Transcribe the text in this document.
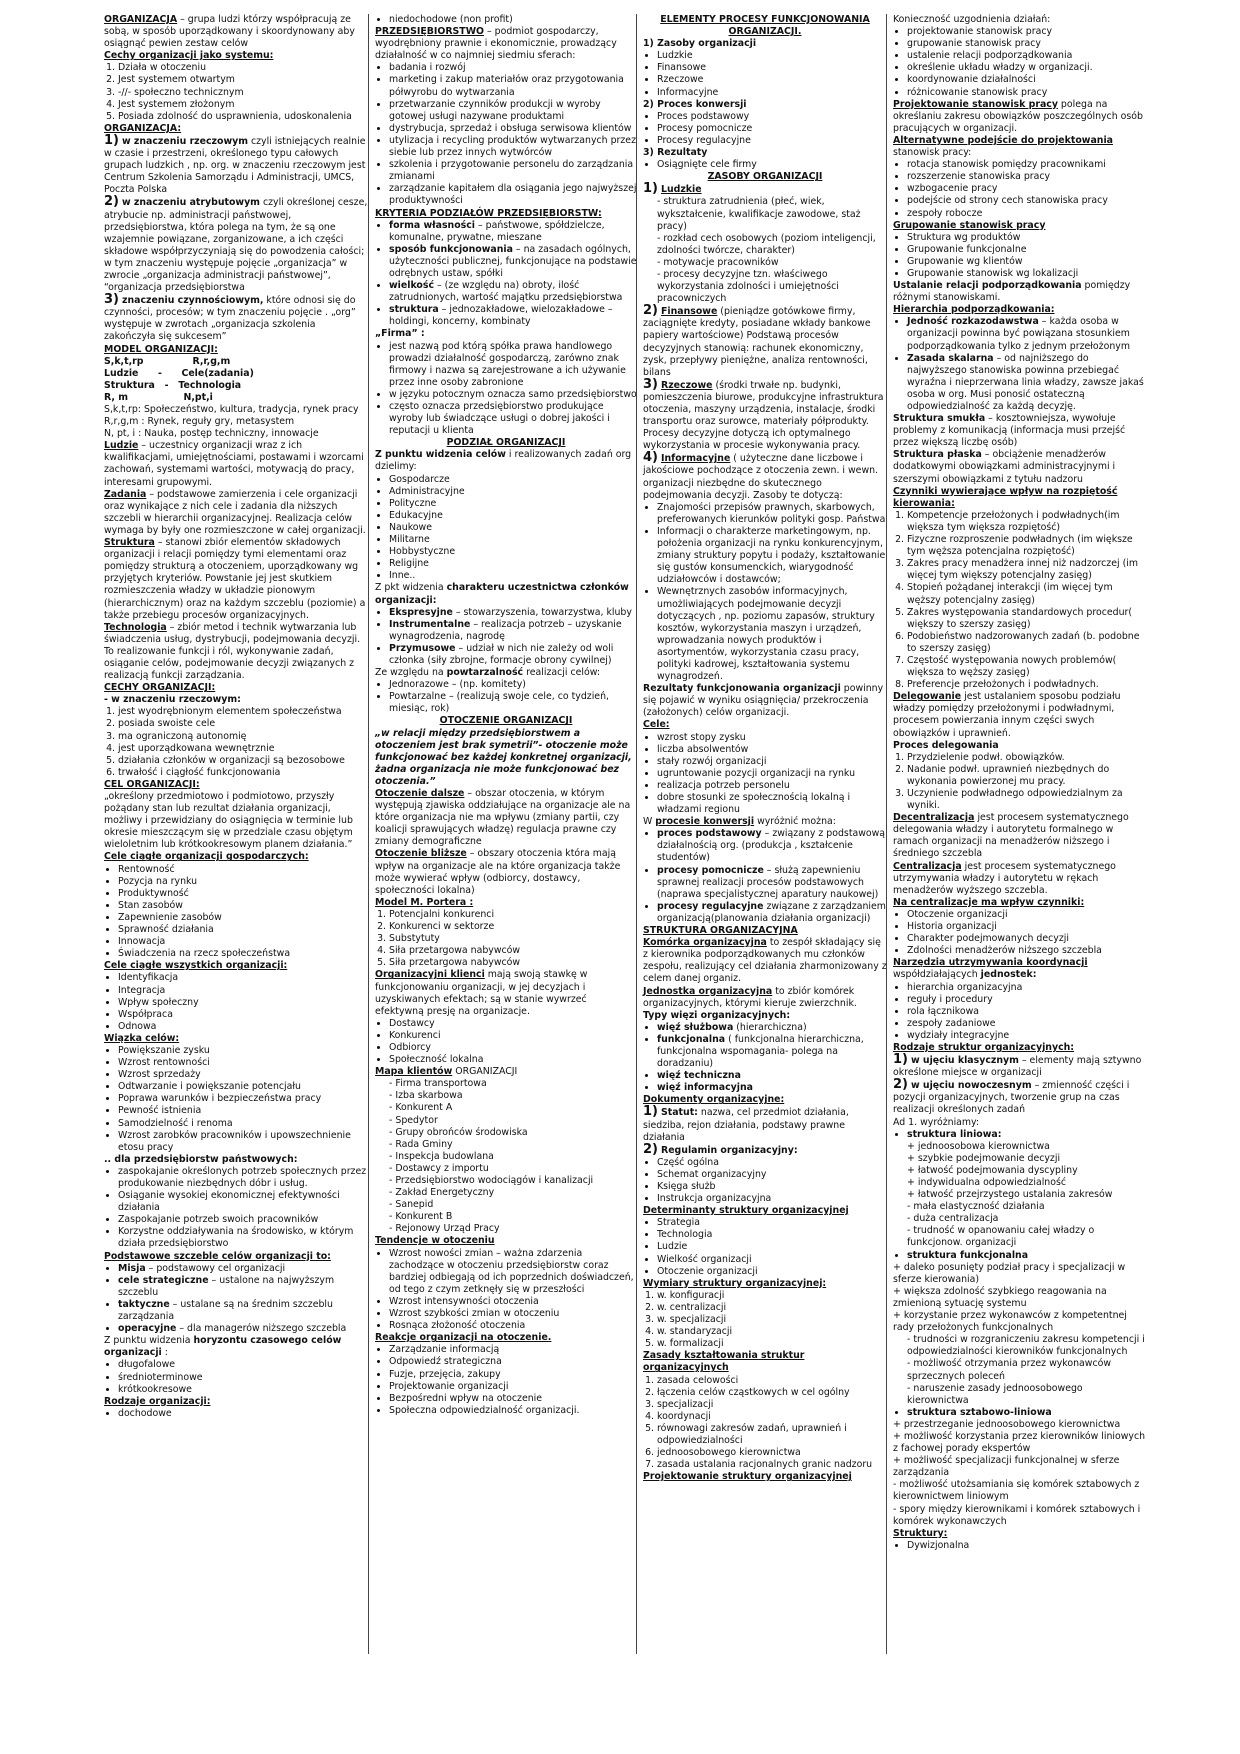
ORGANIZACJA – grupa ludzi którzy współpracują ze sobą, w sposób uporządkowany i skoordynowany aby osiągnąć pewien zestaw celów
Cechy organizacji jako systemu:
1. Działa w otoczeniu
2. Jest systemem otwartym
3. -//- społeczno technicznym
4. Jest systemem złożonym
5. Posiada zdolność do usprawnienia, udoskonalenia
ORGANIZACJA:
1) w znaczeniu rzeczowym czyli istniejących realnie w czasie i przestrzeni, określonego typu całowych grupach ludzkich , np. org. w znaczeniu rzeczowym jest Centrum Szkolenia Samorządu i Administracji, UMCS, Poczta Polska
2) w znaczeniu atrybutowym czyli określonej cesze, atrybucie np. administracji państwowej, przedsiębiorstwa, która polega na tym, że są one wzajemnie powiązane, zorganizowane, a ich części składowe współprzyczyniają się do powodzenia całości; w tym znaczeniu występuje pojęcie „organizacja” w zwrocie „organizacja administracji państwowej”, “organizacja przedsiębiorstwa
3) znaczeniu czynnościowym, które odnosi się do czynności, procesów; w tym znaczeniu pojęcie . „org” występuje w zwrotach „organizacja szkolenia zakończyła się sukcesem”
MODEL ORGANIZACJI:
S,k,t,rp               R,r,g,m
Ludzie      -      Cele(zadania)
Struktura   -   Technologia
R, m                 N,pt,i
S,k,t,rp: Społeczeństwo, kultura, tradycja, rynek pracy
R,r,g,m : Rynek, reguły gry, metasystem
N, pt, i : Nauka, postęp techniczny, innowacje
Ludzie – uczestnicy organizacji wraz z ich kwalifikacjami, umiejętnościami, postawami i wzorcami zachowań, systemami wartości, motywacją do pracy, interesami grupowymi.
Zadania – podstawowe zamierzenia i cele organizacji oraz wynikające z nich cele i zadania dla niższych szczebli w hierarchii organizacyjnej. Realizacja celów wymaga by były one rozmieszczone w całej organizacji.
Struktura – stanowi zbiór elementów składowych organizacji i relacji pomiędzy tymi elementami oraz pomiędzy strukturą a otoczeniem, uporządkowany wg przyjętych kryteriów. Powstanie jej jest skutkiem rozmieszczenia władzy w układzie pionowym (hierarchicznym) oraz na każdym szczeblu (poziomie) a także przebiegu procesów organizacyjnych.
Technologia – zbiór metod i technik wytwarzania lub świadczenia usług, dystrybucji, podejmowania decyzji.
To realizowanie funkcji i ról, wykonywanie zadań, osiąganie celów, podejmowanie decyzji związanych z realizacją funkcji zarządzania.
CECHY ORGANIZACJI:
- w znaczeniu rzeczowym:
1. jest wyodrębnionym elementem społeczeństwa
2. posiada swoiste cele
3. ma ograniczoną autonomię
4. jest uporządkowana wewnętrznie
5. działania członków w organizacji są bezosobowe
6. trwałość i ciągłość funkcjonowania
CEL ORGANIZACJI:
„określony przedmiotowo i podmiotowo, przyszły pożądany stan lub rezultat działania organizacji, możliwy i przewidziany do osiągnięcia w terminie lub okresie mieszczącym się w przedziale czasu objętym wieloletnim lub krótkookresowym planem działania.”
Cele ciągłe organizacji gospodarczych:
• Rentowność
• Pozycja na rynku
• Produktywność
• Stan zasobów
• Zapewnienie zasobów
• Sprawność działania
• Innowacja
• Świadczenia na rzecz społeczeństwa
Cele ciągłe wszystkich organizacji:
• Identyfikacja
• Integracja
• Wpływ społeczny
• Współpraca
• Odnowa
Wiązka celów:
• Powiększanie zysku
• Wzrost rentowności
• Wzrost sprzedaży
• Odtwarzanie i powiększanie potencjału
• Poprawa warunków i bezpieczeństwa pracy
• Pewność istnienia
• Samodzielność i renoma
• Wzrost zarobków pracowników i upowszechnienie etosu pracy
.. dla przedsiębiorstw państwowych:
• zaspokajanie określonych potrzeb społecznych przez produkowanie niezbędnych dóbr i usług.
• Osiąganie wysokiej ekonomicznej efektywności działania
• Zaspokajanie potrzeb swoich pracowników
• Korzystne oddziaływania na środowisko, w którym działa przedsiębiorstwo
Podstawowe szczeble celów organizacji to:
• Misja – podstawowy cel organizacji
• cele strategiczne – ustalone na najwyższym szczeblu
• taktyczne – ustalane są na średnim szczeblu zarządzania
• operacyjne – dla managerów niższego szczebla
Z punktu widzenia horyzontu czasowego celów organizacji :
• długofalowe
• średnioterminowe
• krótkookresowe
Rodzaje organizacji:
• dochodowe
• niedochodowe (non profit)
PRZEDSIĘBIORSTWO – podmiot gospodarczy, wyodrębniony prawnie i ekonomicznie, prowadzący działalność w co najmniej siedmiu sferach:
• badania i rozwój
• marketing i zakup materiałów oraz przygotowania półwyrobu do wytwarzania
• przetwarzanie czynników produkcji w wyroby gotowej usługi nazywane produktami
• dystrybucja, sprzedaż i obsługa serwisowa klientów
• utylizacja i recycling produktów wytwarzanych przez siebie lub przez innych wytwórców
• szkolenia i przygotowanie personelu do zarządzania zmianami
• zarządzanie kapitałem dla osiągania jego najwyższej produktywności
KRYTERIA PODZIAŁÓW PRZEDSIĘBIORSTW:
• forma własności – państwowe, spółdzielcze, komunalne, prywatne, mieszane
• sposób funkcjonowania – na zasadach ogólnych, użyteczności publicznej, funkcjonujące na podstawie odrębnych ustaw, spółki
• wielkość – (ze względu na) obroty, ilość zatrudnionych, wartość majątku przedsiębiorstwa
• struktura – jednozakładowe, wielozakładowe – holdingi, koncerny, kombinaty
„Firma” :
• jest nazwą pod którą spółka prawa handlowego prowadzi działalność gospodarczą, zarówno znak firmowy i nazwa są zarejestrowane a ich używanie przez inne osoby zabronione
• w języku potocznym oznacza samo przedsiębiorstwo
• często oznacza przedsiębiorstwo produkujące wyroby lub świadczące usługi o dobrej jakości i reputacji u klienta
PODZIAŁ ORGANIZACJI
Z punktu widzenia celów i realizowanych zadań org dzielimy:
• Gospodarcze
• Administracyjne
• Polityczne
• Edukacyjne
• Naukowe
• Militarne
• Hobbystyczne
• Religijne
• Inne..
Z pkt widzenia charakteru uczestnictwa członków organizacji:
• Ekspresyjne – stowarzyszenia, towarzystwa, kluby
• Instrumentalne – realizacja potrzeb – uzyskanie wynagrodzenia, nagrodę
• Przymusowe – udział w nich nie zależy od woli członka (siły zbrojne, formacje obrony cywilnej)
Ze względu na powtarzalność realizacji celów:
• Jednorazowe – (np. komitety)
• Powtarzalne – (realizują swoje cele, co tydzień, miesiąc, rok)
OTOCZENIE ORGANIZACJI
„w relacji między przedsiębiorstwem a otoczeniem jest brak symetrii”- otoczenie może funkcjonować bez każdej konkretnej organizacji, żadna organizacja nie może funkcjonować bez otoczenia.”
Otoczenie dalsze – obszar otoczenia, w którym występują zjawiska oddziałujące na organizacje ale na które organizacja nie ma wpływu (zmiany partii, czy koalicji sprawujących władzę) regulacja prawne czy zmiany demograficzne
Otoczenie bliższe – obszary otoczenia która mają wpływ na organizacje ale na które organizacja także może wywierać wpływ (odbiorcy, dostawcy, społeczności lokalna)
Model M. Portera :
1. Potencjalni konkurenci
2. Konkurenci w sektorze
3. Substytuty
4. Siła przetargowa nabywców
5. Siła przetargowa nabywców
Organizacyjni klienci mają swoją stawkę w funkcjonowaniu organizacji, w jej decyzjach i uzyskiwanych efektach; są w stanie wywrzeć efektywną presję na organizacje.
• Dostawcy
• Konkurenci
• Odbiorcy
• Społeczność lokalna
Mapa klientów ORGANIZACJI
- Firma transportowa
- Izba skarbowa
- Konkurent A
- Spedytor
- Grupy obrońców środowiska
- Rada Gminy
- Inspekcja budowlana
- Dostawcy z importu
- Przedsiębiorstwo wodociągów i kanalizacji
- Zakład Energetyczny
- Sanepid
- Konkurent B
- Rejonowy Urząd Pracy
Tendencje w otoczeniu
• Wzrost nowości zmian – ważna zdarzenia zachodzące w otoczeniu przedsiębiorstw coraz bardziej odbiegają od ich poprzednich doświadczeń, od tego z czym zetknęły się w przeszłości
• Wzrost intensywności otoczenia
• Wzrost szybkości zmian w otoczeniu
• Rosnąca złożoność otoczenia
Reakcje organizacji na otoczenie.
• Zarządzanie informacją
• Odpowiedź strategiczna
• Fuzje, przejęcia, zakupy
• Projektowanie organizacji
• Bezpośredni wpływ na otoczenie
• Społeczna odpowiedzialność organizacji.
ELEMENTY PROCESY FUNKCJONOWANIA ORGANIZACJI.
1) Zasoby organizacji
• Ludzkie
• Finansowe
• Rzeczowe
• Informacyjne
2) Proces konwersji
• Proces podstawowy
• Procesy pomocnicze
• Procesy regulacyjne
3) Rezultaty
• Osiągnięte cele firmy
ZASOBY ORGANIZACJI
1) Ludzkie
- struktura zatrudnienia (płeć, wiek, wykształcenie, kwalifikacje zawodowe, staż pracy)
- rozkład cech osobowych (poziom inteligencji, zdolności twórcze, charakter)
- motywacje pracowników
- procesy decyzyjne tzn. właściwego wykorzystania zdolności i umiejętności pracowniczych
2) Finansowe (pieniądze gotówkowe firmy, zaciągnięte kredyty, posiadane wkłady bankowe papiery wartościowe) Podstawą procesów decyzyjnych stanowią: rachunek ekonomiczny, zysk, przepływy pieniężne, analiza rentowności, bilans
3) Rzeczowe (środki trwałe np. budynki, pomieszczenia biurowe, produkcyjne infrastruktura otoczenia, maszyny urządzenia, instalacje, środki transportu oraz surowce, materiały półprodukty. Procesy decyzyjne dotyczą ich optymalnego wykorzystania w procesie wykonywania pracy.
4) Informacyjne ( użyteczne dane liczbowe i jakościowe pochodzące z otoczenia zewn. i wewn. organizacji niezbędne do skutecznego podejmowania decyzji. Zasoby te dotyczą:
• Znajomości przepisów prawnych, skarbowych, preferowanych kierunków polityki gosp. Państwa
• Informacji o charakterze marketingowym, np. położenia organizacji na rynku konkurencyjnym, zmiany struktury popytu i podaży, kształtowanie się gustów konsumenckich, wiarygodność udziałowców i dostawców;
• Wewnętrznych zasobów informacyjnych, umożliwiających podejmowanie decyzji dotyczących , np. poziomu zapasów, struktury kosztów, wykorzystania maszyn i urządzeń, wprowadzania nowych produktów i asortymentów, wykorzystania czasu pracy, polityki kadrowej, kształtowania systemu wynagrodzeń.
Rezultaty funkcjonowania organizacji powinny się pojawić w wyniku osiągnięcia/ przekroczenia (założonych) celów organizacji.
Cele:
• wzrost stopy zysku
• liczba absolwentów
• stały rozwój organizacji
• ugruntowanie pozycji organizacji na rynku
• realizacja potrzeb personelu
• dobre stosunki ze społecznością lokalną i władzami regionu
W procesie konwersji wyróżnić można:
• proces podstawowy – związany z podstawową działalnością org. (produkcja , kształcenie studentów)
• procesy pomocnicze – służą zapewnieniu sprawnej realizacji procesów podstawowych (naprawa specjalistycznej aparatury naukowej)
• procesy regulacyjne związane z zarządzaniem organizacją(planowania działania organizacji)
STRUKTURA ORGANIZACYJNA
Komórka organizacyjna to zespół składający się z kierownika podporządkowanych mu członków zespołu, realizujący cel działania zharmonizowany z celem danej organiz.
Jednostka organizacyjna to zbiór komórek organizacyjnych, którymi kieruje zwierzchnik.
Typy więzi organizacyjnych:
• więź służbowa (hierarchiczna)
• funkcjonalna ( funkcjonalna hierarchiczna, funkcjonalna wspomagania- polega na doradzaniu)
• więź techniczna
• więź informacyjna
Dokumenty organizacyjne:
1) Statut: nazwa, cel przedmiot działania, siedziba, rejon działania, podstawy prawne działania
2) Regulamin organizacyjny:
• Część ogólna
• Schemat organizacyjny
• Księga służb
• Instrukcja organizacyjna
Determinanty struktury organizacyjnej
• Strategia
• Technologia
• Ludzie
• Wielkość organizacji
• Otoczenie organizacji
Wymiary struktury organizacyjnej:
1. w. konfiguracji
2. w. centralizacji
3. w. specjalizacji
4. w. standaryzacji
5. w. formalizacji
Zasady kształtowania struktur organizacyjnych
1. zasada celowości
2. łączenia celów cząstkowych w cel ogólny
3. specjalizacji
4. koordynacji
5. równowagi zakresów zadań, uprawnień i odpowiedzialności
6. jednoosobowego kierownictwa
7. zasada ustalania racjonalnych granic nadzoru
Projektowanie struktury organizacyjnej
Konieczność uzgodnienia działań:
• projektowanie stanowisk pracy
• grupowanie stanowisk pracy
• ustalenie relacji podporządkowania
• określenie układu władzy w organizacji.
• koordynowanie działalności
• różnicowanie stanowisk pracy
Projektowanie stanowisk pracy polega na określaniu zakresu obowiązków poszczególnych osób pracujących w organizacji.
Alternatywne podejście do projektowania stanowisk pracy:
• rotacja stanowisk pomiędzy pracownikami
• rozszerzenie stanowiska pracy
• wzbogacenie pracy
• podejście od strony cech stanowiska pracy
• zespoły robocze
Grupowanie stanowisk pracy
• Struktura wg produktów
• Grupowanie funkcjonalne
• Grupowanie wg klientów
• Grupowanie stanowisk wg lokalizacji
Ustalanie relacji podporządkowania pomiędzy różnymi stanowiskami.
Hierarchia podporządkowania:
• Jedność rozkazodawstwa – każda osoba w organizacji powinna być powiązana stosunkiem podporządkowania tylko z jednym przełożonym
• Zasada skalarna – od najniższego do najwyższego stanowiska powinna przebiegać wyraźna i nieprzerwana linia władzy, zawsze jakaś osoba w org. Musi ponosić ostateczną odpowiedzialność za każdą decyzję.
Struktura smukła – kosztowniejsza, wywołuje problemy z komunikacją (informacja musi przejść przez większą liczbę osób)
Struktura płaska – obciążenie menadżerów dodatkowymi obowiązkami administracyjnymi i szerszymi obowiązkami z tytułu nadzoru
Czynniki wywierające wpływ na rozpiętość kierowania:
1. Kompetencje przełożonych i podwładnych(im większa tym większa rozpiętość)
2. Fizyczne rozproszenie podwładnych (im większe tym węższa potencjalna rozpiętość)
3. Zakres pracy menadżera innej niż nadzorczej (im więcej tym większy potencjalny zasięg)
4. Stopień pożądanej interakcji (im więcej tym węższy potencjalny zasięg)
5. Zakres występowania standardowych procedur( większy to szerszy zasięg)
6. Podobieństwo nadzorowanych zadań (b. podobne to szerszy zasięg)
7. Częstość występowania nowych problemów( większa to węższy zasięg)
8. Preferencje przełożonych i podwładnych.
Delegowanie jest ustalaniem sposobu podziału władzy pomiędzy przełożonymi i podwładnymi, procesem powierzania innym części swych obowiązków i uprawnień.
Proces delegowania
1. Przydzielenie podwł. obowiązków.
2. Nadanie podwł. uprawnień niezbędnych do wykonania powierzonej mu pracy.
3. Uczynienie podwładnego odpowiedzialnym za wyniki.
Decentralizacja jest procesem systematycznego delegowania władzy i autorytetu formalnego w ramach organizacji na menadżerów niższego i średniego szczebla
Centralizacja jest procesem systematycznego utrzymywania władzy i autorytetu w rękach menadżerów wyższego szczebla.
Na centralizacje ma wpływ czynniki:
• Otoczenie organizacji
• Historia organizacji
• Charakter podejmowanych decyzji
• Zdolności menadżerów niższego szczebla
Narzędzia utrzymywania koordynacji współdziałających jednostek:
• hierarchia organizacyjna
• reguły i procedury
• rola łącznikowa
• zespoły zadaniowe
• wydziały integracyjne
Rodzaje struktur organizacyjnych:
1) w ujęciu klasycznym – elementy mają sztywno określone miejsce w organizacji
2) w ujęciu nowoczesnym – zmienność części i pozycji organizacyjnych, tworzenie grup na czas realizacji określonych zadań
Ad 1. wyróżniamy:
• struktura liniowa:
+ jednoosobowa kierownictwa
+ szybkie podejmowanie decyzji
+ łatwość podejmowania dyscypliny
+ indywidualna odpowiedzialność
+ łatwość przejrzystego ustalania zakresów
- mała elastyczność działania
- duża centralizacja
- trudność w opanowaniu całej władzy o funkcjonow. organizacji
• struktura funkcjonalna
+ daleko posunięty podział pracy i specjalizacji w sferze kierowania)
+ większa zdolność szybkiego reagowania na zmienioną sytuację systemu
+ korzystanie przez wykonawców z kompetentnej rady przełożonych funkcjonalnych
- trudności w rozgraniczeniu zakresu kompetencji i odpowiedzialności kierowników funkcjonalnych
- możliwość otrzymania przez wykonawców sprzecznych poleceń
- naruszenie zasady jednoosobowego kierownictwa
• struktura sztabowo-liniowa
+ przestrzeganie jednoosobowego kierownictwa
+ możliwość korzystania przez kierowników liniowych z fachowej porady ekspertów
+ możliwość specjalizacji funkcjonalnej w sferze zarządzania
- możliwość utożsamiania się komórek sztabowych z kierownictwem liniowym
- spory między kierownikami i komórek sztabowych i komórek wykonawczych
Struktury:
• Dywizjonalna
